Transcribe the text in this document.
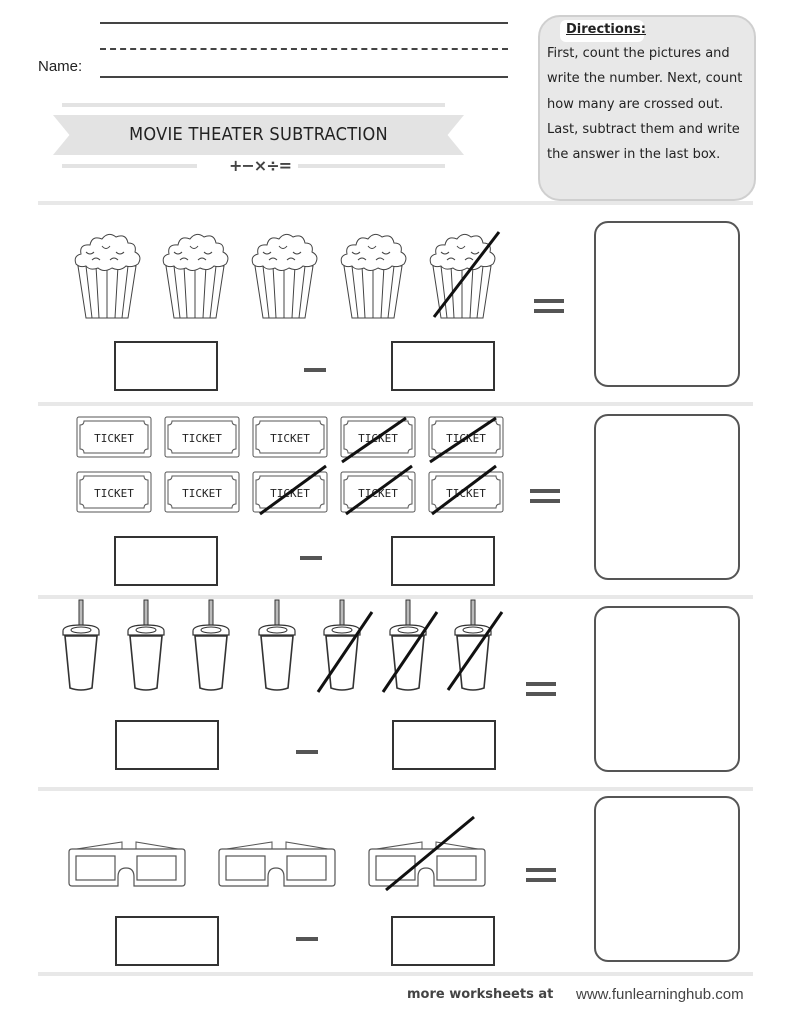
Name:
MOVIE THEATER SUBTRACTION
+−×÷=
Directions:
First, count the pictures and write the number. Next, count how many are crossed out. Last, subtract them and write the answer in the last box.
more worksheets at www.funlearninghub.com
